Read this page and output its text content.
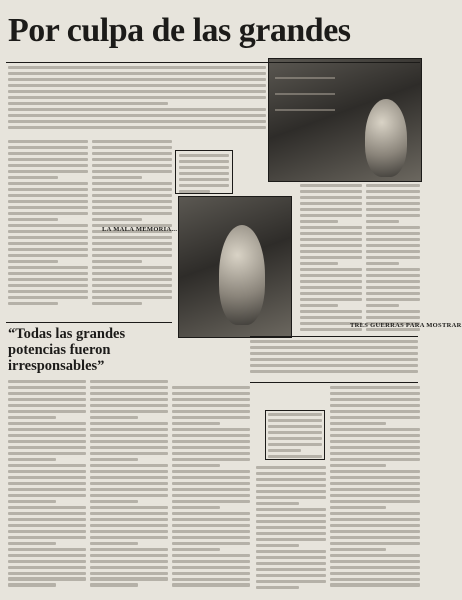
Por culpa de las grandes
LA MALA MEMORIA...
TRES GUERRAS PARA MOSTRAR
“Todas las grandes potencias fueron irresponsables”
